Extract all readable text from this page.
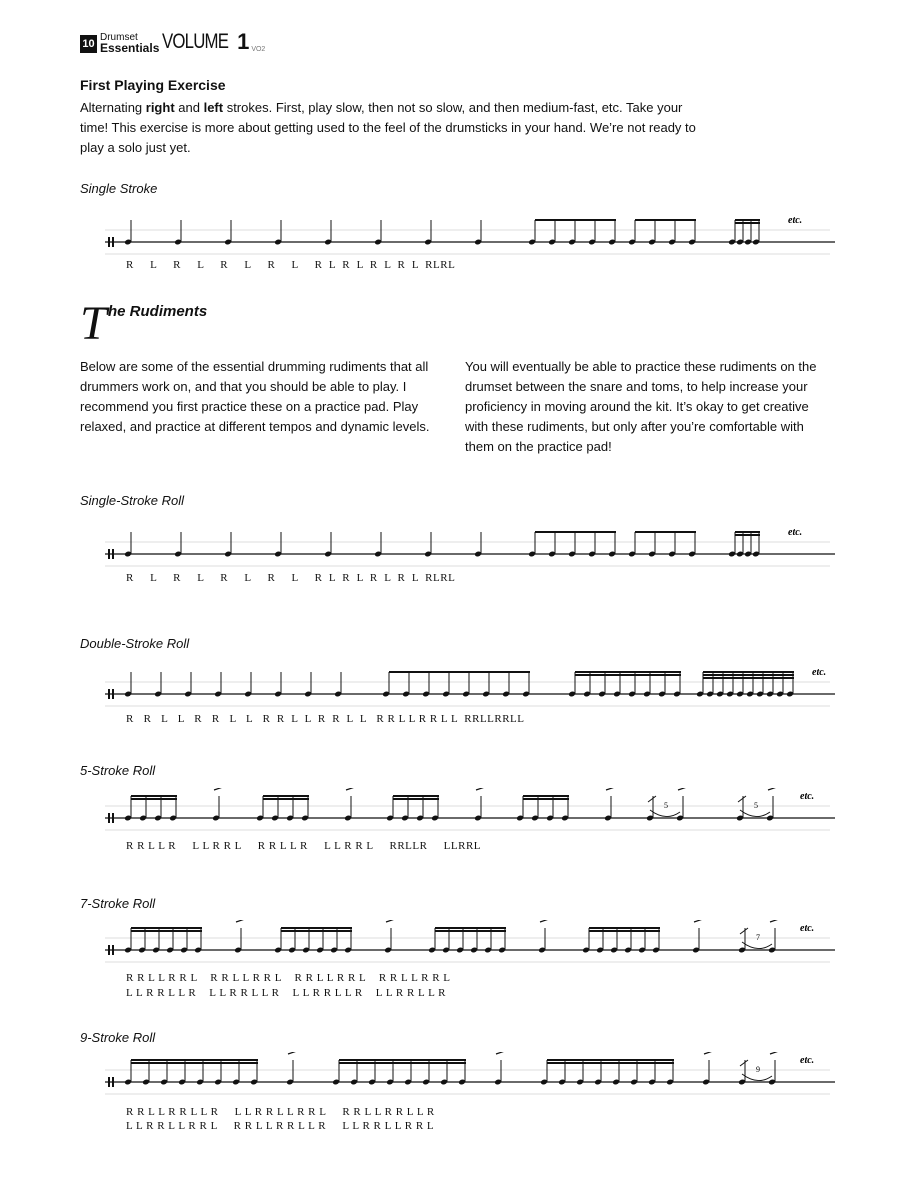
10
Drumset
Essentials VOLUME 1 VO2
First Playing Exercise
Alternating right and left strokes. First, play slow, then not so slow, and then medium-fast, etc. Take your time! This exercise is more about getting used to the feel of the drumsticks in your hand. We’re not ready to play a solo just yet.
T he Rudiments
Below are some of the essential drumming rudiments that all drummers work on, and that you should be able to play. I recommend you first practice these on a practice pad. Play relaxed, and practice at different tempos and dynamic levels.
You will eventually be able to practice these rudiments on the drumset between the snare and toms, to help increase your proficiency in moving around the kit. It’s okay to get creative with these rudiments, but only after you’re comfortable with them on the practice pad!
Single Stroke
etc.
R     L     R     L     R     L     R     L     R  L  R  L  R  L  R  L  RLRL
Single-Stroke Roll
etc.
R     L     R     L     R     L     R     L     R  L  R  L  R  L  R  L  RLRL
Double-Stroke Roll
etc.
R   R   L   L   R   R   L   L   R  R  L  L  R  R  L  L   R R L L R R L L  RRLLRRLL
5-Stroke Roll
5	5
etc.
R R L L R     L L R R L     R R L L R     L L R R L     RRLLR     LLRRL
7-Stroke Roll
7
etc.
R R L L R R L    R R L L R R L    R R L L R R L    R R L L R R L
L L R R L L R    L L R R L L R    L L R R L L R    L L R R L L R
9-Stroke Roll
9
etc.
R R L L R R L L R     L L R R L L R R L     R R L L R R L L R
L L R R L L R R L     R R L L R R L L R     L L R R L L R R L
